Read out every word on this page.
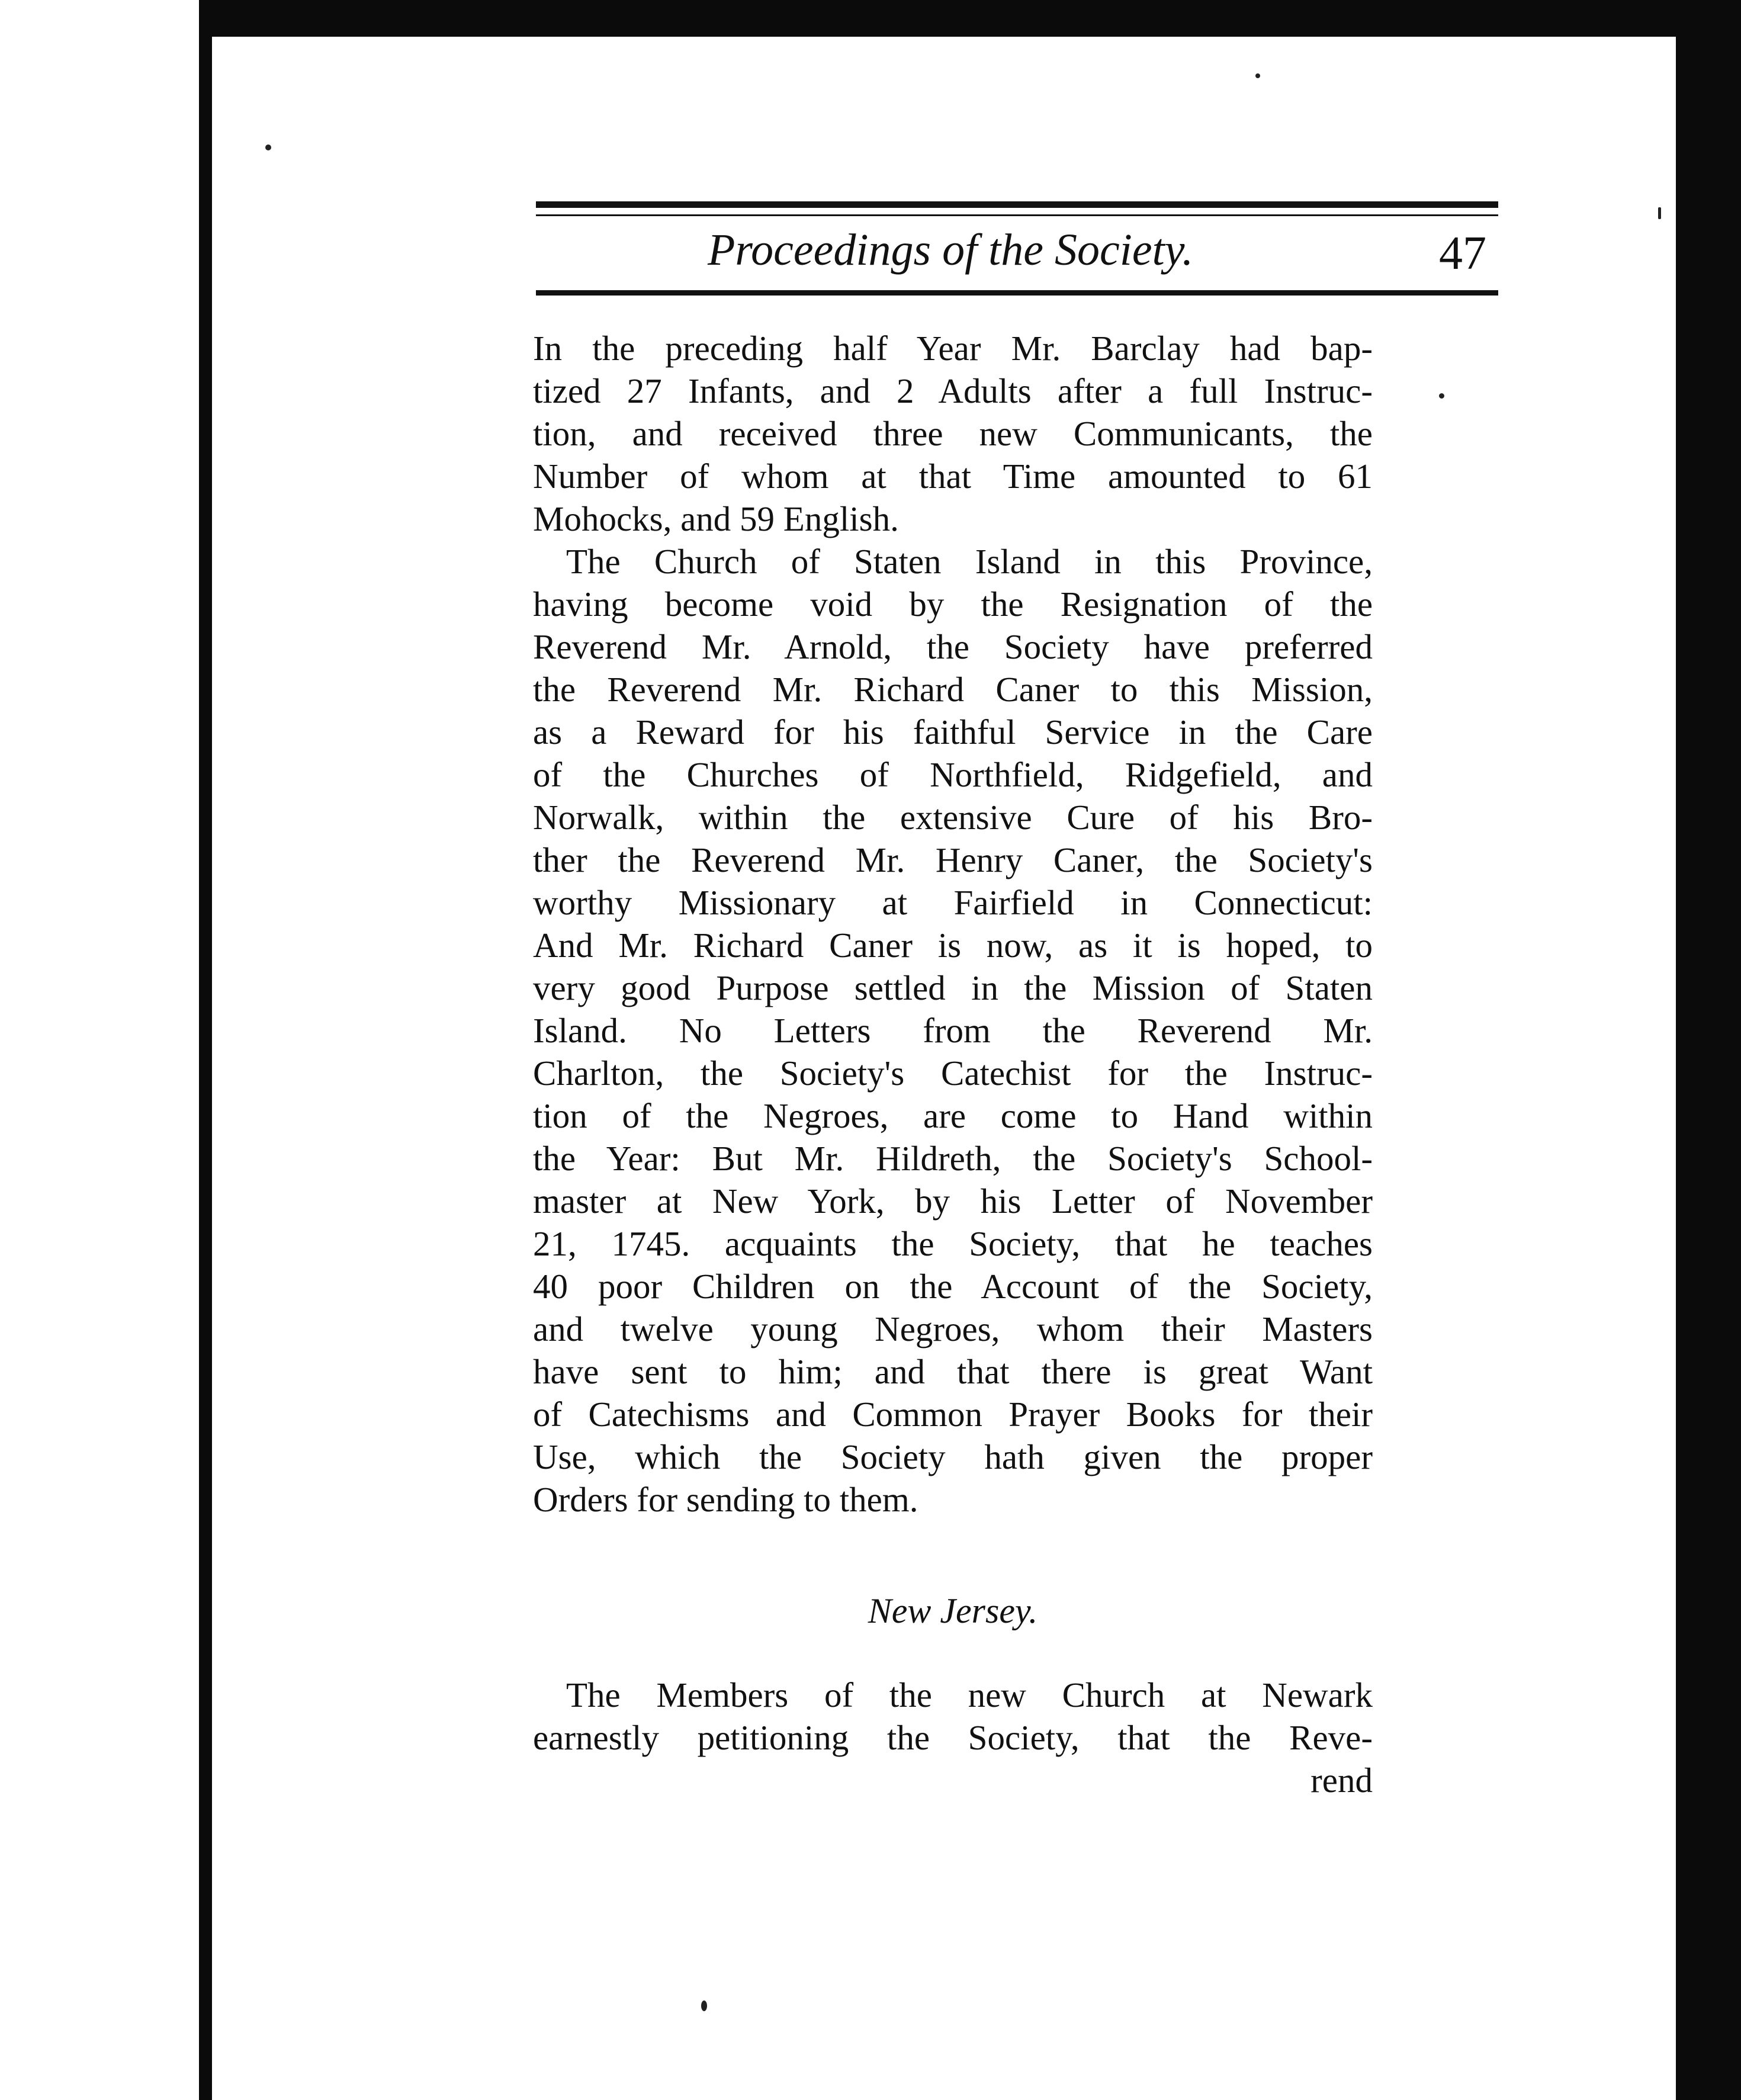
Proceedings of the Society.	47
In the preceding half Year Mr. Barclay had bap-
tized 27 Infants, and 2 Adults after a full Instruc-
tion, and received three new Communicants, the
Number of whom at that Time amounted to 61
Mohocks, and 59 English.
The Church of Staten Island in this Province,
having become void by the Resignation of the
Reverend Mr. Arnold, the Society have preferred
the Reverend Mr. Richard Caner to this Mission,
as a Reward for his faithful Service in the Care
of the Churches of Northfield, Ridgefield, and
Norwalk, within the extensive Cure of his Bro-
ther the Reverend Mr. Henry Caner, the Society's
worthy Missionary at Fairfield in Connecticut:
And Mr. Richard Caner is now, as it is hoped, to
very good Purpose settled in the Mission of Staten
Island. No Letters from the Reverend Mr.
Charlton, the Society's Catechist for the Instruc-
tion of the Negroes, are come to Hand within
the Year: But Mr. Hildreth, the Society's School-
master at New York, by his Letter of November
21, 1745. acquaints the Society, that he teaches
40 poor Children on the Account of the Society,
and twelve young Negroes, whom their Masters
have sent to him; and that there is great Want
of Catechisms and Common Prayer Books for their
Use, which the Society hath given the proper
Orders for sending to them.
New Jersey.
The Members of the new Church at Newark
earnestly petitioning the Society, that the Reve-
rend
